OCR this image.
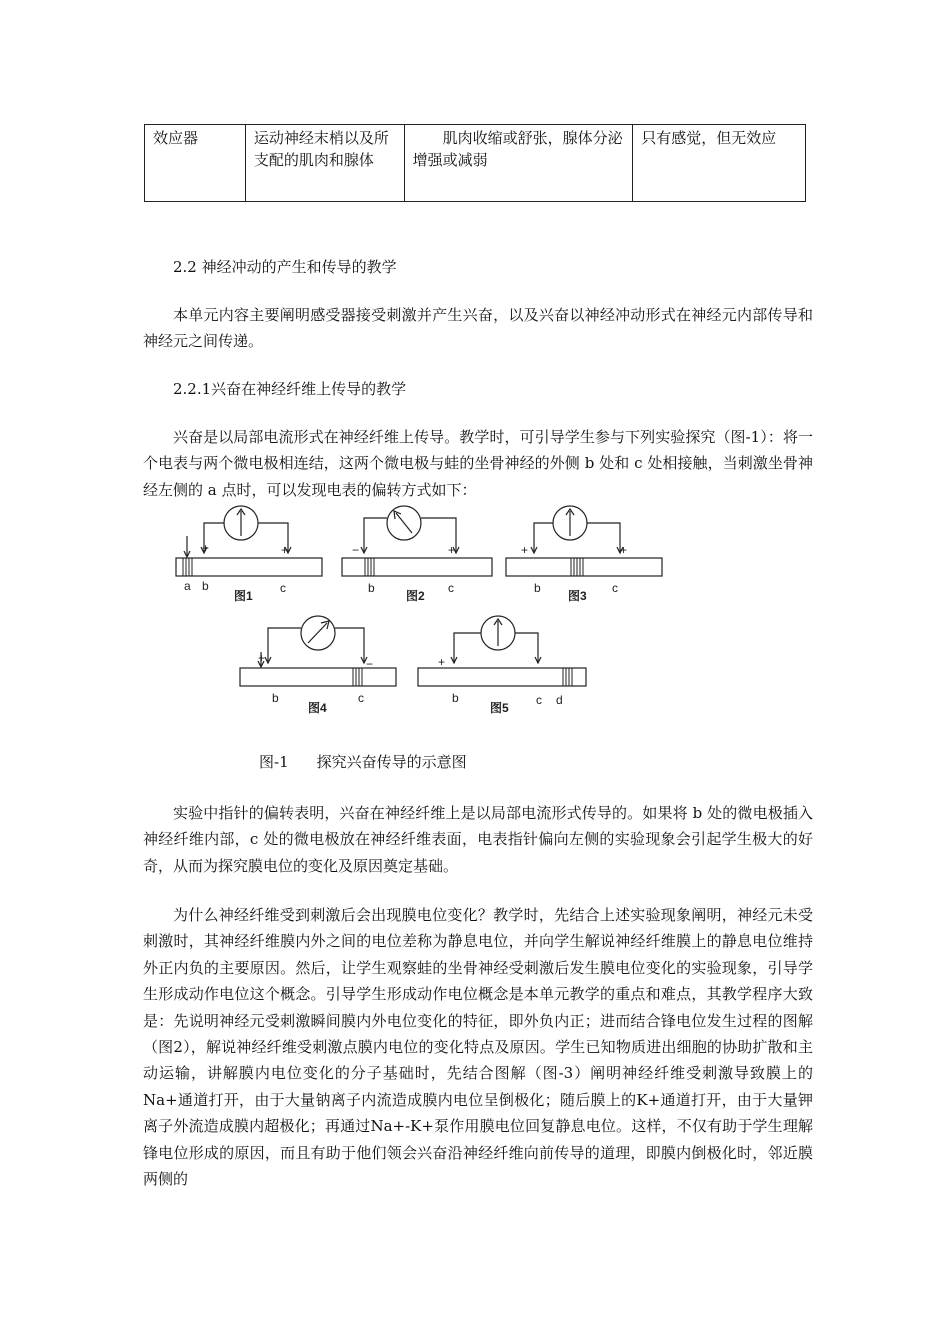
效应器	运动神经末梢以及所支配的肌肉和腺体	肌肉收缩或舒张，腺体分泌增强或减弱	只有感觉，但无效应

2.2 神经冲动的产生和传导的教学

本单元内容主要阐明感受器接受刺激并产生兴奋，以及兴奋以神经冲动形式在神经元内部传导和神经元之间传递。

2.2.1兴奋在神经纤维上传导的教学

兴奋是以局部电流形式在神经纤维上传导。教学时，可引导学生参与下列实验探究（图-1）：将一个电表与两个微电极相连结，这两个微电极与蛙的坐骨神经的外侧 b 处和 c 处相接触，当刺激坐骨神经左侧的 a 点时，可以发现电表的偏转方式如下：

+	+	−	+	+	+
+	−	+
a b	c
图1
b	c
图2
b	c
图3
b	c
图4
b	c d
图5
图-1 探究兴奋传导的示意图

实验中指针的偏转表明，兴奋在神经纤维上是以局部电流形式传导的。如果将 b 处的微电极插入神经纤维内部，c 处的微电极放在神经纤维表面，电表指针偏向左侧的实验现象会引起学生极大的好奇，从而为探究膜电位的变化及原因奠定基础。

为什么神经纤维受到刺激后会出现膜电位变化？教学时，先结合上述实验现象阐明，神经元未受刺激时，其神经纤维膜内外之间的电位差称为静息电位，并向学生解说神经纤维膜上的静息电位维持外正内负的主要原因。然后，让学生观察蛙的坐骨神经受刺激后发生膜电位变化的实验现象，引导学生形成动作电位这个概念。引导学生形成动作电位概念是本单元教学的重点和难点，其教学程序大致是：先说明神经元受刺激瞬间膜内外电位变化的特征，即外负内正；进而结合锋电位发生过程的图解（图2），解说神经纤维受刺激点膜内电位的变化特点及原因。学生已知物质进出细胞的协助扩散和主动运输，讲解膜内电位变化的分子基础时，先结合图解（图-3）阐明神经纤维受刺激导致膜上的Na+通道打开，由于大量钠离子内流造成膜内电位呈倒极化；随后膜上的K+通道打开，由于大量钾离子外流造成膜内超极化；再通过Na+-K+泵作用膜电位回复静息电位。这样，不仅有助于学生理解锋电位形成的原因，而且有助于他们领会兴奋沿神经纤维向前传导的道理，即膜内倒极化时，邻近膜两侧的
